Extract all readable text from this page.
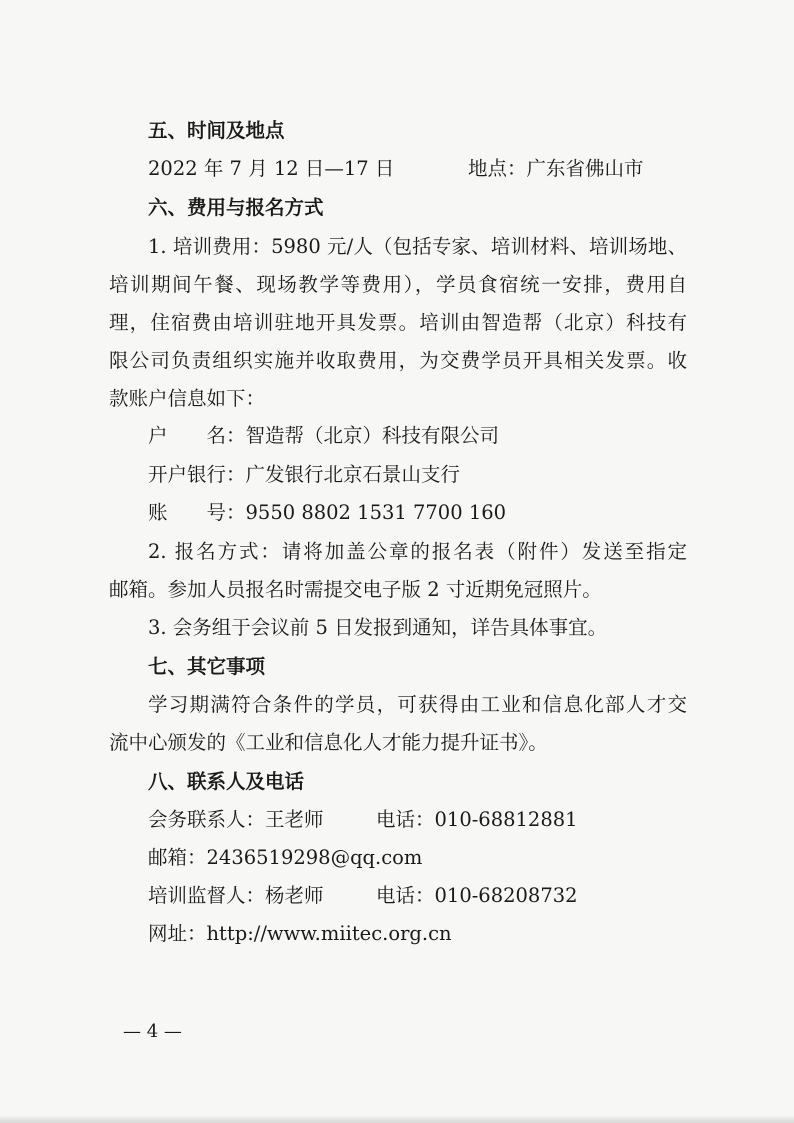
五、时间及地点
2022 年 7 月 12 日—17 日	地点：广东省佛山市
六、费用与报名方式
1. 培训费用：5980 元/人（包括专家、培训材料、培训场地、
培训期间午餐、现场教学等费用），学员食宿统一安排，费用自
理，住宿费由培训驻地开具发票。培训由智造帮（北京）科技有
限公司负责组织实施并收取费用，为交费学员开具相关发票。收
款账户信息如下：
户　　名：智造帮（北京）科技有限公司
开户银行：广发银行北京石景山支行
账　　号：9550 8802 1531 7700 160
2. 报名方式：请将加盖公章的报名表（附件）发送至指定
邮箱。参加人员报名时需提交电子版 2 寸近期免冠照片。
3. 会务组于会议前 5 日发报到通知，详告具体事宜。
七、其它事项
学习期满符合条件的学员，可获得由工业和信息化部人才交
流中心颁发的《工业和信息化人才能力提升证书》。
八、联系人及电话
会务联系人：王老师	电话：010-68812881
邮箱：2436519298@qq.com
培训监督人：杨老师	电话：010-68208732
网址：http://www.miitec.org.cn
— 4 —
